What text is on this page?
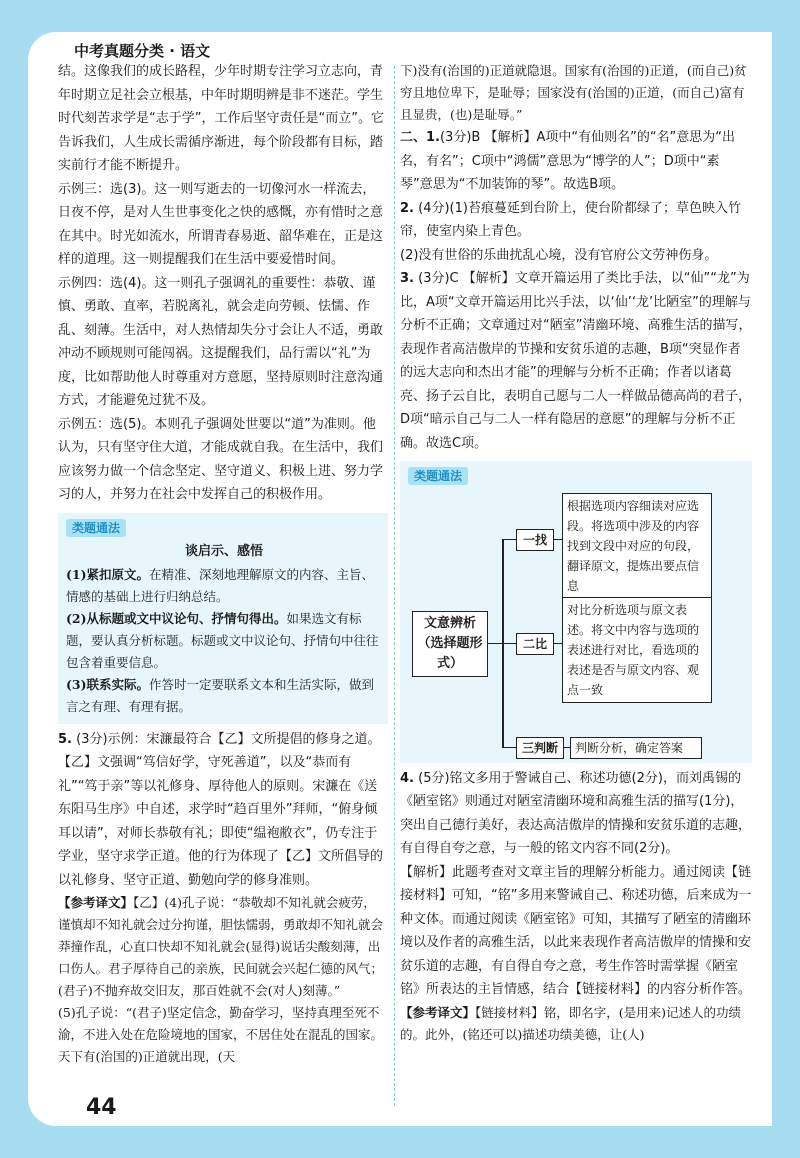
中考真题分类 · 语文

结。这像我们的成长路程，少年时期专注学习立志向，青年时期立足社会立根基，中年时期明辨是非不迷茫。学生时代刻苦求学是“志于学”，工作后坚守责任是“而立”。它告诉我们，人生成长需循序渐进，每个阶段都有目标，踏实前行才能不断提升。

示例三：选(3)。这一则写逝去的一切像河水一样流去，日夜不停，是对人生世事变化之快的感慨，亦有惜时之意在其中。时光如流水，所谓青春易逝、韶华难在，正是这样的道理。这一则提醒我们在生活中要爱惜时间。

示例四：选(4)。这一则孔子强调礼的重要性：恭敬、谨慎、勇敢、直率，若脱离礼，就会走向劳顿、怯懦、作乱、刻薄。生活中，对人热情却失分寸会让人不适，勇敢冲动不顾规则可能闯祸。这提醒我们，品行需以“礼”为度，比如帮助他人时尊重对方意愿，坚持原则时注意沟通方式，才能避免过犹不及。

示例五：选(5)。本则孔子强调处世要以“道”为准则。他认为，只有坚守住大道，才能成就自我。在生活中，我们应该努力做一个信念坚定、坚守道义、积极上进、努力学习的人，并努力在社会中发挥自己的积极作用。

类题通法
谈启示、感悟
(1)紧扣原文。在精准、深刻地理解原文的内容、主旨、情感的基础上进行归纳总结。
(2)从标题或文中议论句、抒情句得出。如果选文有标题，要认真分析标题。标题或文中议论句、抒情句中往往包含着重要信息。
(3)联系实际。作答时一定要联系文本和生活实际，做到言之有理、有理有据。

5. (3分)示例：宋濂最符合【乙】文所提倡的修身之道。【乙】文强调“笃信好学，守死善道”，以及“恭而有礼”“笃于亲”等以礼修身、厚待他人的原则。宋濂在《送东阳马生序》中自述，求学时“趋百里外”拜师，“俯身倾耳以请”，对师长恭敬有礼；即使“缊袍敝衣”，仍专注于学业，坚守求学正道。他的行为体现了【乙】文所倡导的以礼修身、坚守正道、勤勉向学的修身准则。

【参考译文】【乙】(4)孔子说：“恭敬却不知礼就会疲劳，谨慎却不知礼就会过分拘谨，胆怯懦弱，勇敢却不知礼就会莽撞作乱，心直口快却不知礼就会(显得)说话尖酸刻薄，出口伤人。君子厚待自己的亲族，民间就会兴起仁德的风气；(君子)不抛弃故交旧友，那百姓就不会(对人)刻薄。”

(5)孔子说：“(君子)坚定信念，勤奋学习，坚持真理至死不渝，不进入处在危险境地的国家，不居住处在混乱的国家。天下有(治国的)正道就出现，(天

下)没有(治国的)正道就隐退。国家有(治国的)正道，(而自己)贫穷且地位卑下，是耻辱；国家没有(治国的)正道，(而自己)富有且显贵，(也)是耻辱。”

二、1.(3分)B 【解析】A项中“有仙则名”的“名”意思为“出名，有名”；C项中“鸿儒”意思为“博学的人”；D项中“素琴”意思为“不加装饰的琴”。故选B项。

2. (4分)(1)苔痕蔓延到台阶上，使台阶都绿了；草色映入竹帘，使室内染上青色。

(2)没有世俗的乐曲扰乱心境，没有官府公文劳神伤身。

3. (3分)C 【解析】文章开篇运用了类比手法，以“仙”“龙”为比，A项“文章开篇运用比兴手法，以‘仙’‘龙’比陋室”的理解与分析不正确；文章通过对“陋室”清幽环境、高雅生活的描写，表现作者高洁傲岸的节操和安贫乐道的志趣，B项“突显作者的远大志向和杰出才能”的理解与分析不正确；作者以诸葛亮、扬子云自比，表明自己愿与二人一样做品德高尚的君子，D项“暗示自己与二人一样有隐居的意愿”的理解与分析不正确。故选C项。

类题通法
文意辨析（选择题形式）
一找
根据选项内容细读对应选段。将选项中涉及的内容找到文段中对应的句段，翻译原文，提炼出要点信息
二比
对比分析选项与原文表述。将文中内容与选项的表述进行对比，看选项的表述是否与原文内容、观点一致
三判断	判断分析，确定答案

4. (5分)铭文多用于警诫自己、称述功德(2分)，而刘禹锡的《陋室铭》则通过对陋室清幽环境和高雅生活的描写(1分)，突出自己德行美好，表达高洁傲岸的情操和安贫乐道的志趣，有自得自夸之意，与一般的铭文内容不同(2分)。

【解析】此题考查对文章主旨的理解分析能力。通过阅读【链接材料】可知，“铭”多用来警诫自己、称述功德，后来成为一种文体。而通过阅读《陋室铭》可知，其描写了陋室的清幽环境以及作者的高雅生活，以此来表现作者高洁傲岸的情操和安贫乐道的志趣，有自得自夸之意，考生作答时需掌握《陋室铭》所表达的主旨情感，结合【链接材料】的内容分析作答。

【参考译文】【链接材料】铭，即名字，(是用来)记述人的功绩的。此外，(铭还可以)描述功绩美德，让(人)

44
